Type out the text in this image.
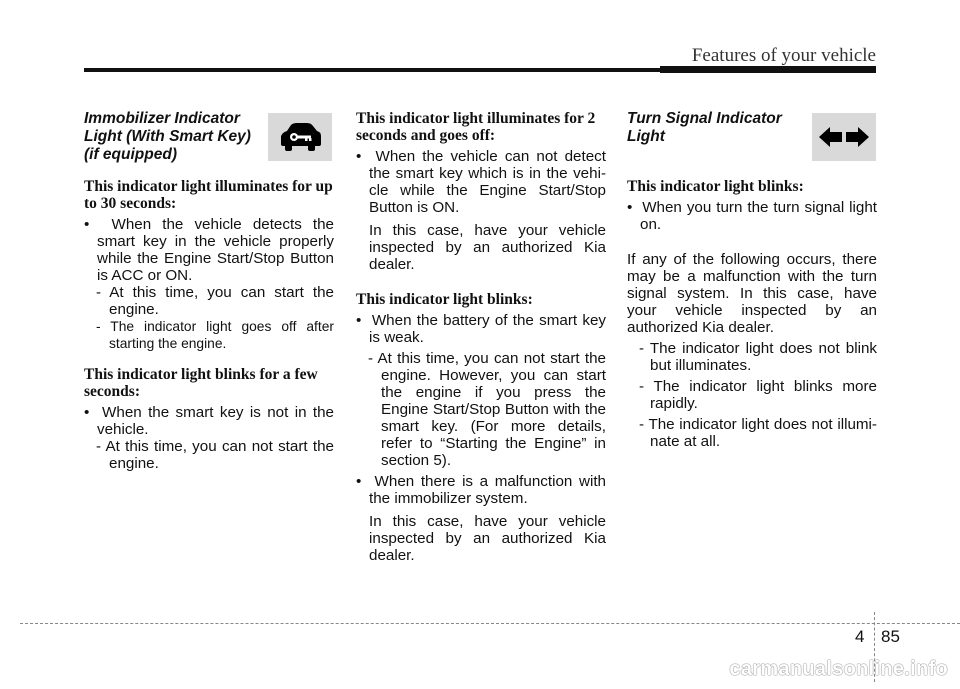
Features of your vehicle
Immobilizer Indicator
Light (With Smart Key)
(if equipped)

This indicator light illuminates for up to 30 seconds:

•  When the vehicle detects the smart key in the vehicle properly while the Engine Start/Stop Button is ACC or ON.

- At this time, you can start the engine.

- The indicator light goes off after starting the engine.

This indicator light blinks for a few seconds:

•  When the smart key is not in the vehicle.

- At this time, you can not start the engine.

This indicator light illuminates for 2 seconds and goes off:

•  When the vehicle can not detect the smart key which is in the vehi-cle while the Engine Start/Stop Button is ON.

In this case, have your vehicle inspected by an authorized Kia dealer.

This indicator light blinks:

•  When the battery of the smart key is weak.

- At this time, you can not start the engine. However, you can start the engine if you press the Engine Start/Stop Button with the smart key. (For more details, refer to “Starting the Engine” in section 5).

•  When there is a malfunction with the immobilizer system.

In this case, have your vehicle inspected by an authorized Kia dealer.

Turn Signal Indicator
Light

This indicator light blinks:

•  When you turn the turn signal light on.

If any of the following occurs, there may be a malfunction with the turn signal system. In this case, have your vehicle inspected by an authorized Kia dealer.

- The indicator light does not blink but illuminates.

- The indicator light blinks more rapidly.

- The indicator light does not illumi-nate at all.

4 85
carmanualsonline.info
